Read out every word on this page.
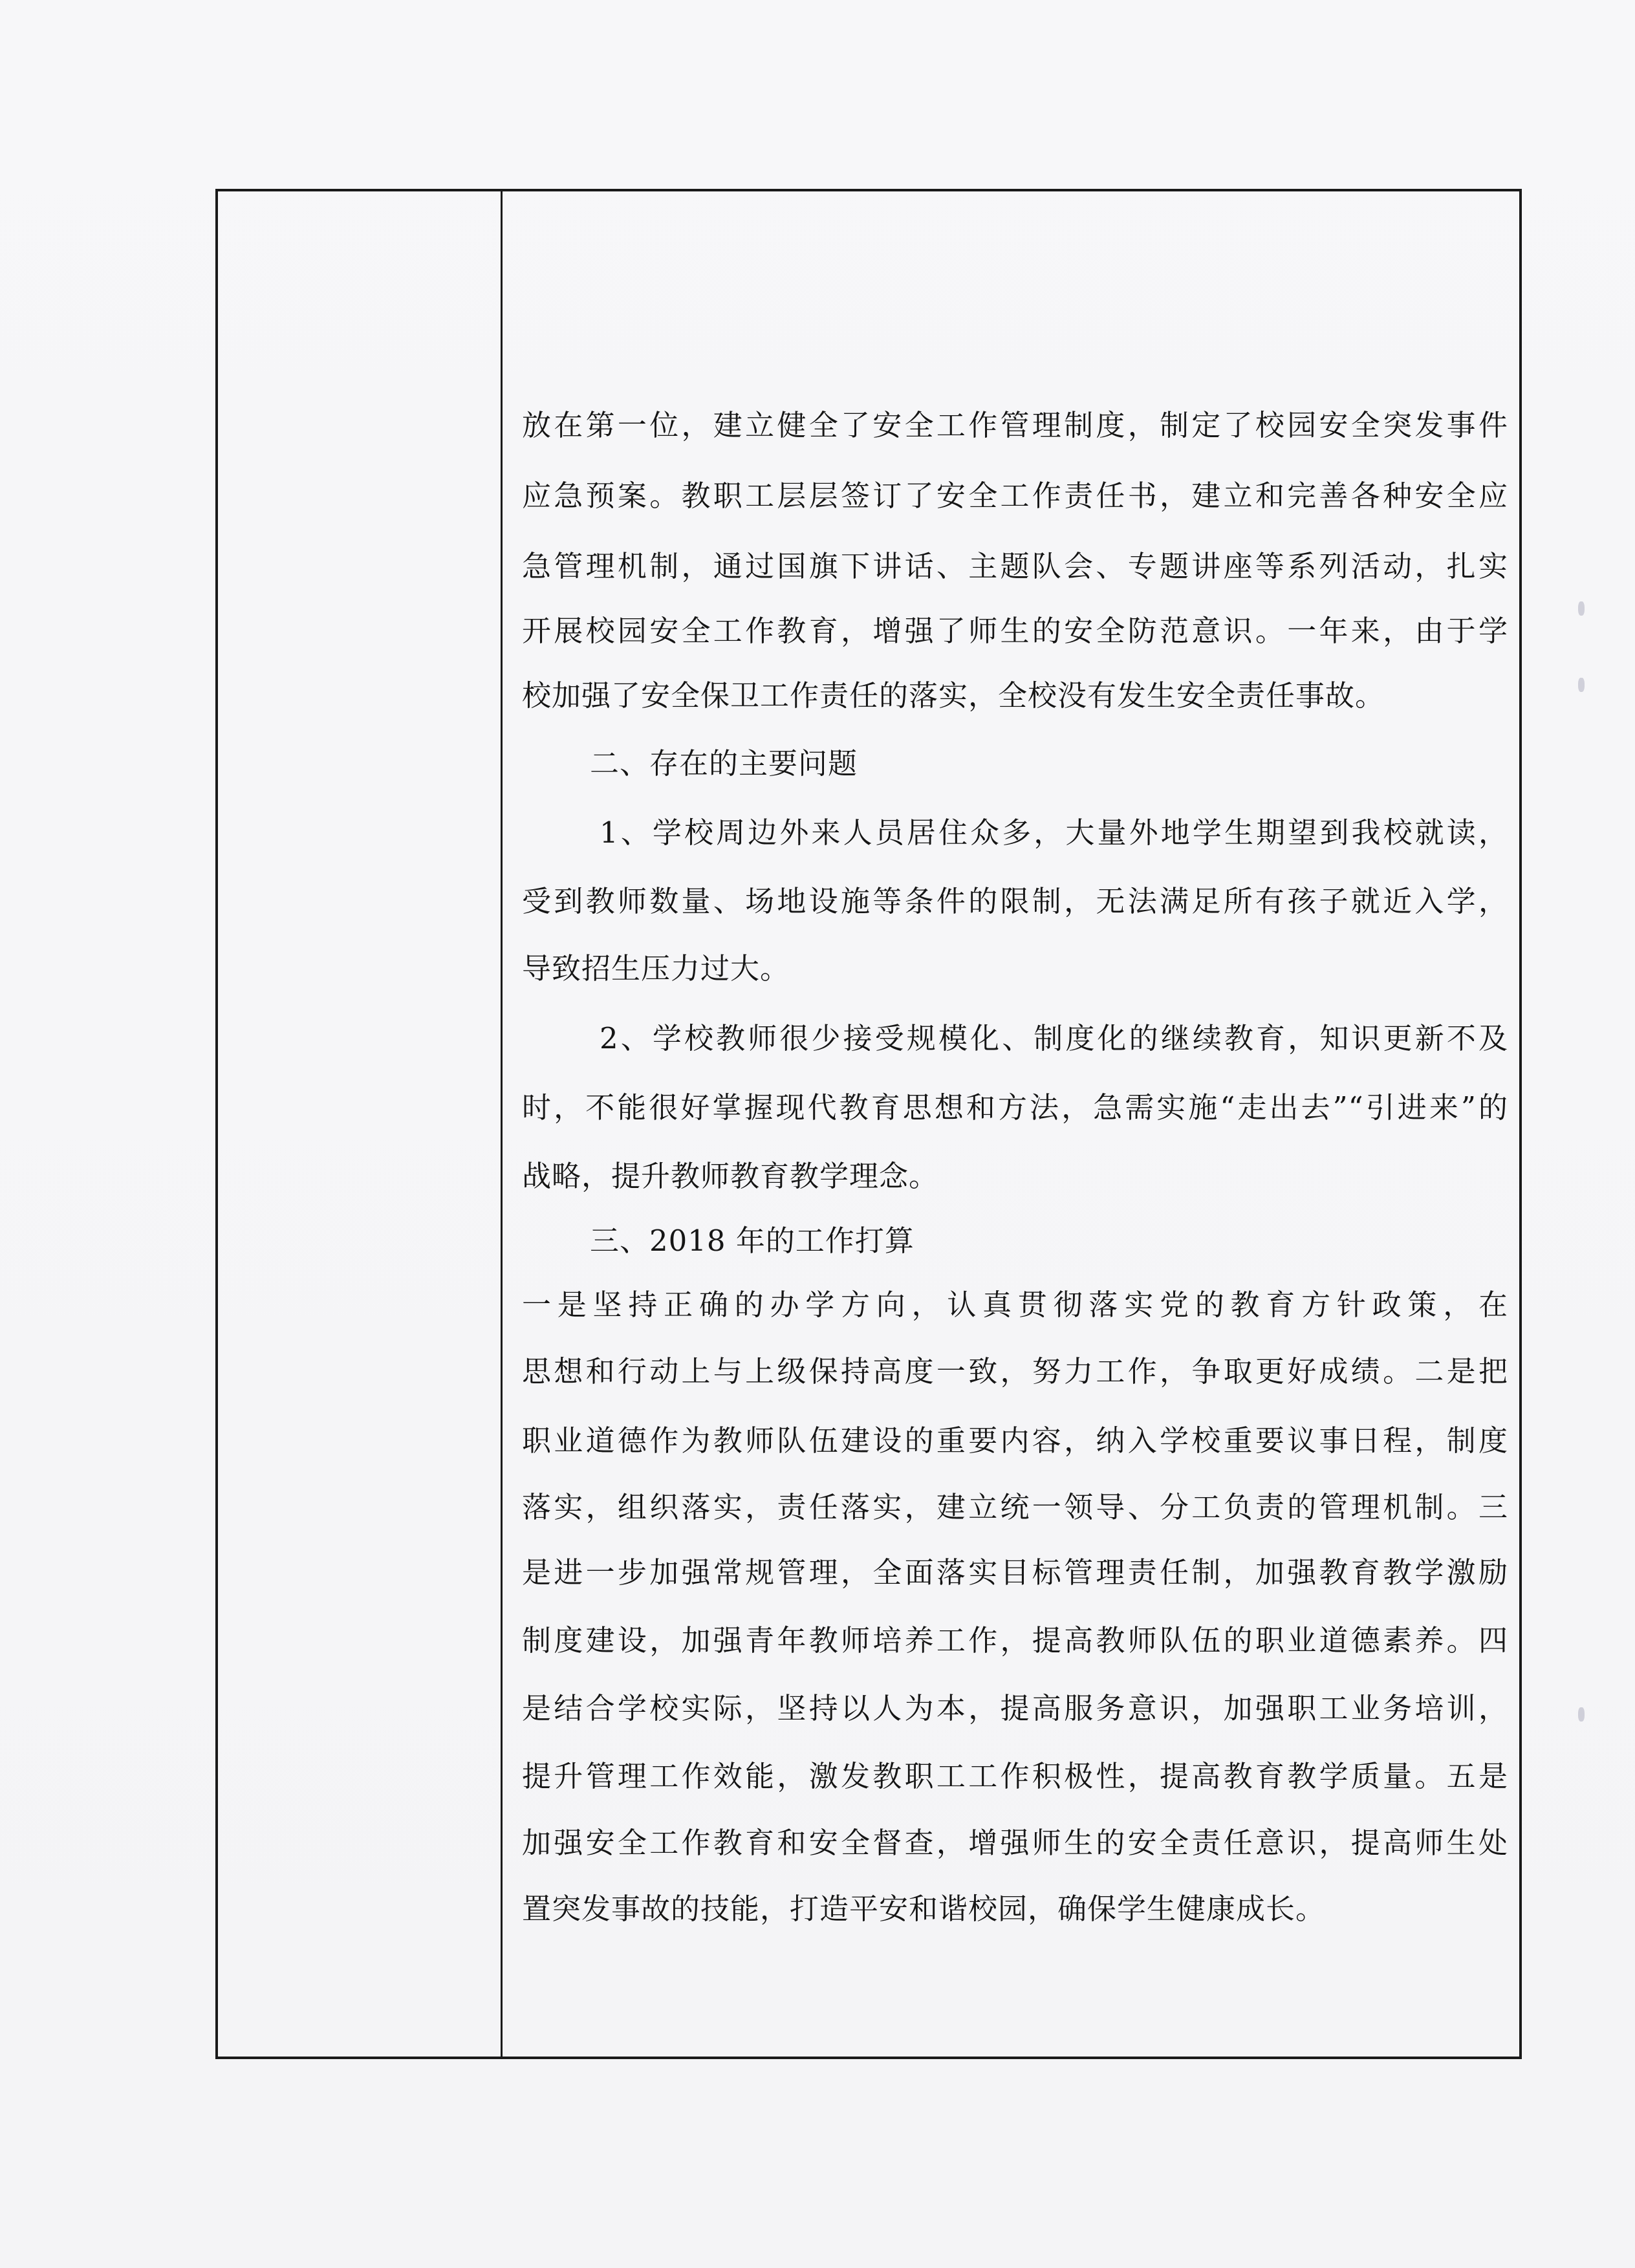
放在第一位，建立健全了安全工作管理制度，制定了校园安全突发事件
应急预案。教职工层层签订了安全工作责任书，建立和完善各种安全应
急管理机制，通过国旗下讲话、主题队会、专题讲座等系列活动，扎实
开展校园安全工作教育，增强了师生的安全防范意识。一年来，由于学
校加强了安全保卫工作责任的落实，全校没有发生安全责任事故。
二、存在的主要问题
1、学校周边外来人员居住众多，大量外地学生期望到我校就读，
受到教师数量、场地设施等条件的限制，无法满足所有孩子就近入学，
导致招生压力过大。
2、学校教师很少接受规模化、制度化的继续教育，知识更新不及
时，不能很好掌握现代教育思想和方法，急需实施“走出去”“引进来”的
战略，提升教师教育教学理念。
三、2018 年的工作打算
一是坚持正确的办学方向，认真贯彻落实党的教育方针政策，在
思想和行动上与上级保持高度一致，努力工作，争取更好成绩。二是把
职业道德作为教师队伍建设的重要内容，纳入学校重要议事日程，制度
落实，组织落实，责任落实，建立统一领导、分工负责的管理机制。三
是进一步加强常规管理，全面落实目标管理责任制，加强教育教学激励
制度建设，加强青年教师培养工作，提高教师队伍的职业道德素养。四
是结合学校实际，坚持以人为本，提高服务意识，加强职工业务培训，
提升管理工作效能，激发教职工工作积极性，提高教育教学质量。五是
加强安全工作教育和安全督查，增强师生的安全责任意识，提高师生处
置突发事故的技能，打造平安和谐校园，确保学生健康成长。
